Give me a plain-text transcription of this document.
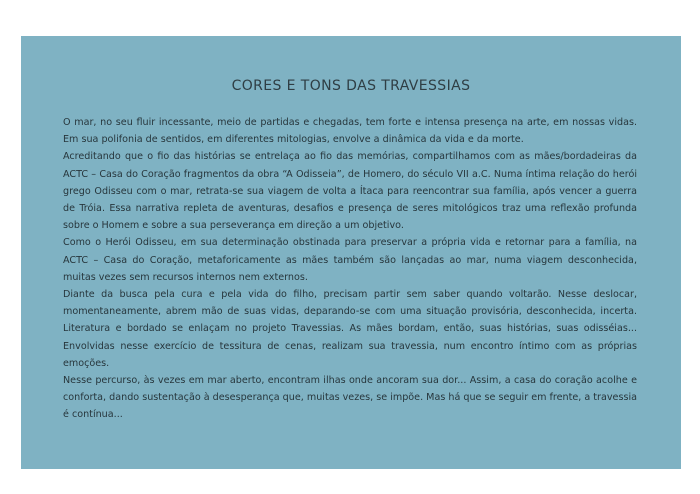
CORES E TONS DAS TRAVESSIAS

O mar, no seu fluir incessante, meio de partidas e chegadas, tem forte e intensa presença na arte, em nossas vidas. Em sua polifonia de sentidos, em diferentes mitologias, envolve a dinâmica da vida e da morte.

Acreditando que o fio das histórias se entrelaça ao fio das memórias, compartilhamos com as mães/bordadeiras da ACTC – Casa do Coração fragmentos da obra “A Odisseia”, de Homero, do século VII a.C. Numa íntima relação do herói grego Odisseu com o mar, retrata-se sua viagem de volta a Ítaca para reencontrar sua família, após vencer a guerra de Tróia. Essa narrativa repleta de aventuras, desafios e presença de seres mitológicos traz uma reflexão profunda sobre o Homem e sobre a sua perseverança em direção a um objetivo.

Como o Herói Odisseu, em sua determinação obstinada para preservar a própria vida e retornar para a família, na ACTC – Casa do Coração, metaforicamente as mães também são lançadas ao mar, numa viagem desconhecida, muitas vezes sem recursos internos nem externos.

Diante da busca pela cura e pela vida do filho, precisam partir sem saber quando voltarão. Nesse deslocar, momentaneamente, abrem mão de suas vidas, deparando-se com uma situação provisória, desconhecida, incerta. Literatura e bordado se enlaçam no projeto Travessias. As mães bordam, então, suas histórias, suas odisséias... Envolvidas nesse exercício de tessitura de cenas, realizam sua travessia, num encontro íntimo com as próprias emoções.

Nesse percurso, às vezes em mar aberto, encontram ilhas onde ancoram sua dor... Assim, a casa do coração acolhe e conforta, dando sustentação à desesperança que, muitas vezes, se impõe. Mas há que se seguir em frente, a travessia é contínua...
